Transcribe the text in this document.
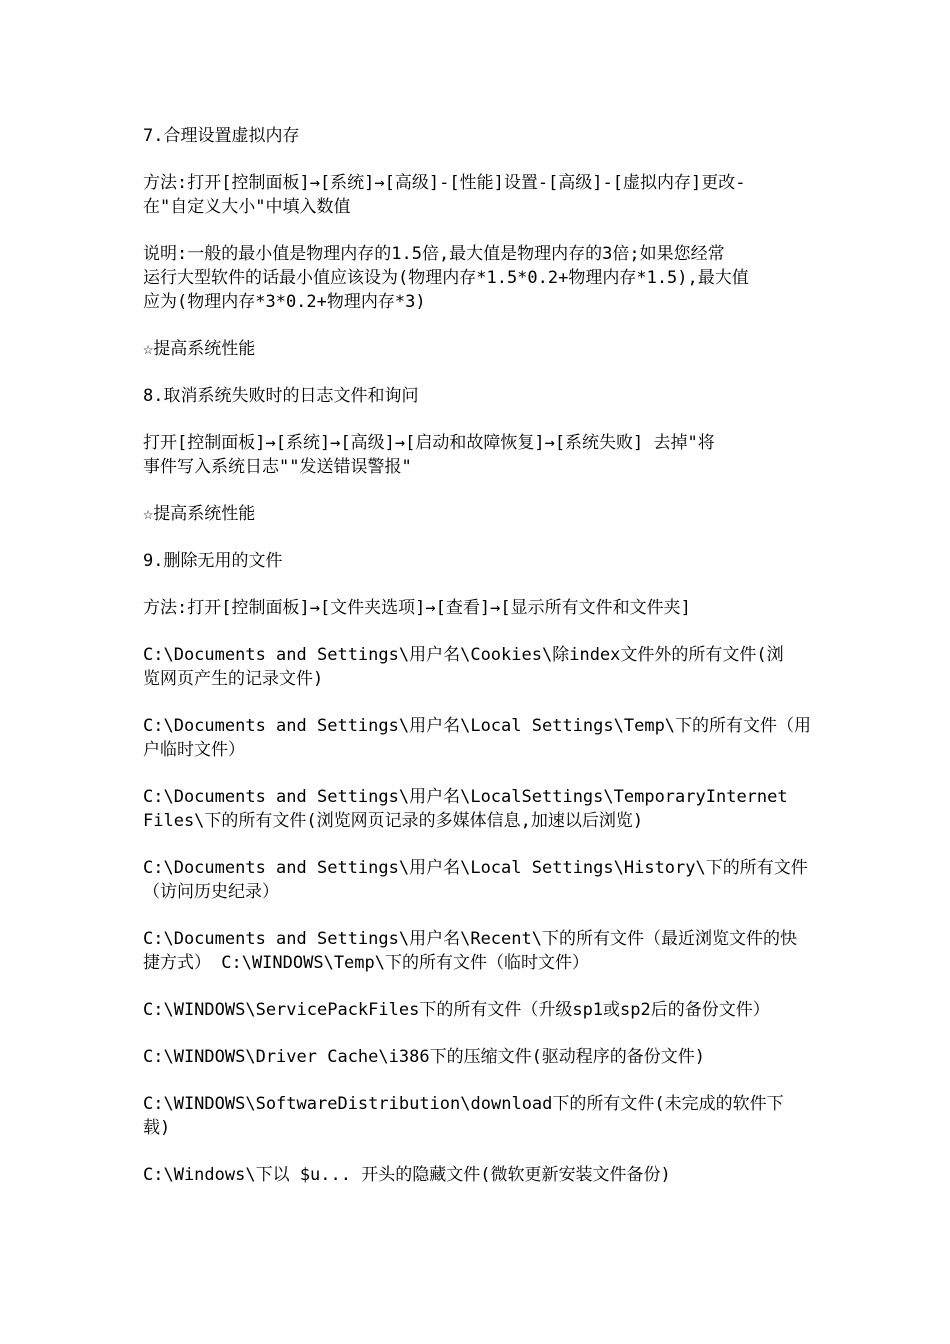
7.合理设置虚拟内存

方法:打开[控制面板]→[系统]→[高级]-[性能]设置-[高级]-[虚拟内存]更改-
在"自定义大小"中填入数值

说明:一般的最小值是物理内存的1.5倍,最大值是物理内存的3倍;如果您经常
运行大型软件的话最小值应该设为(物理内存*1.5*0.2+物理内存*1.5),最大值
应为(物理内存*3*0.2+物理内存*3)

☆提高系统性能

8.取消系统失败时的日志文件和询问

打开[控制面板]→[系统]→[高级]→[启动和故障恢复]→[系统失败] 去掉"将
事件写入系统日志""发送错误警报"

☆提高系统性能

9.删除无用的文件

方法:打开[控制面板]→[文件夹选项]→[查看]→[显示所有文件和文件夹]

C:\Documents and Settings\用户名\Cookies\除index文件外的所有文件(浏
览网页产生的记录文件)

C:\Documents and Settings\用户名\Local Settings\Temp\下的所有文件（用
户临时文件）

C:\Documents and Settings\用户名\LocalSettings\TemporaryInternet
Files\下的所有文件(浏览网页记录的多媒体信息,加速以后浏览)

C:\Documents and Settings\用户名\Local Settings\History\下的所有文件
（访问历史纪录）

C:\Documents and Settings\用户名\Recent\下的所有文件（最近浏览文件的快
捷方式） C:\WINDOWS\Temp\下的所有文件（临时文件）

C:\WINDOWS\ServicePackFiles下的所有文件（升级sp1或sp2后的备份文件）

C:\WINDOWS\Driver Cache\i386下的压缩文件(驱动程序的备份文件)

C:\WINDOWS\SoftwareDistribution\download下的所有文件(未完成的软件下
载)

C:\Windows\下以 $u... 开头的隐藏文件(微软更新安装文件备份)
